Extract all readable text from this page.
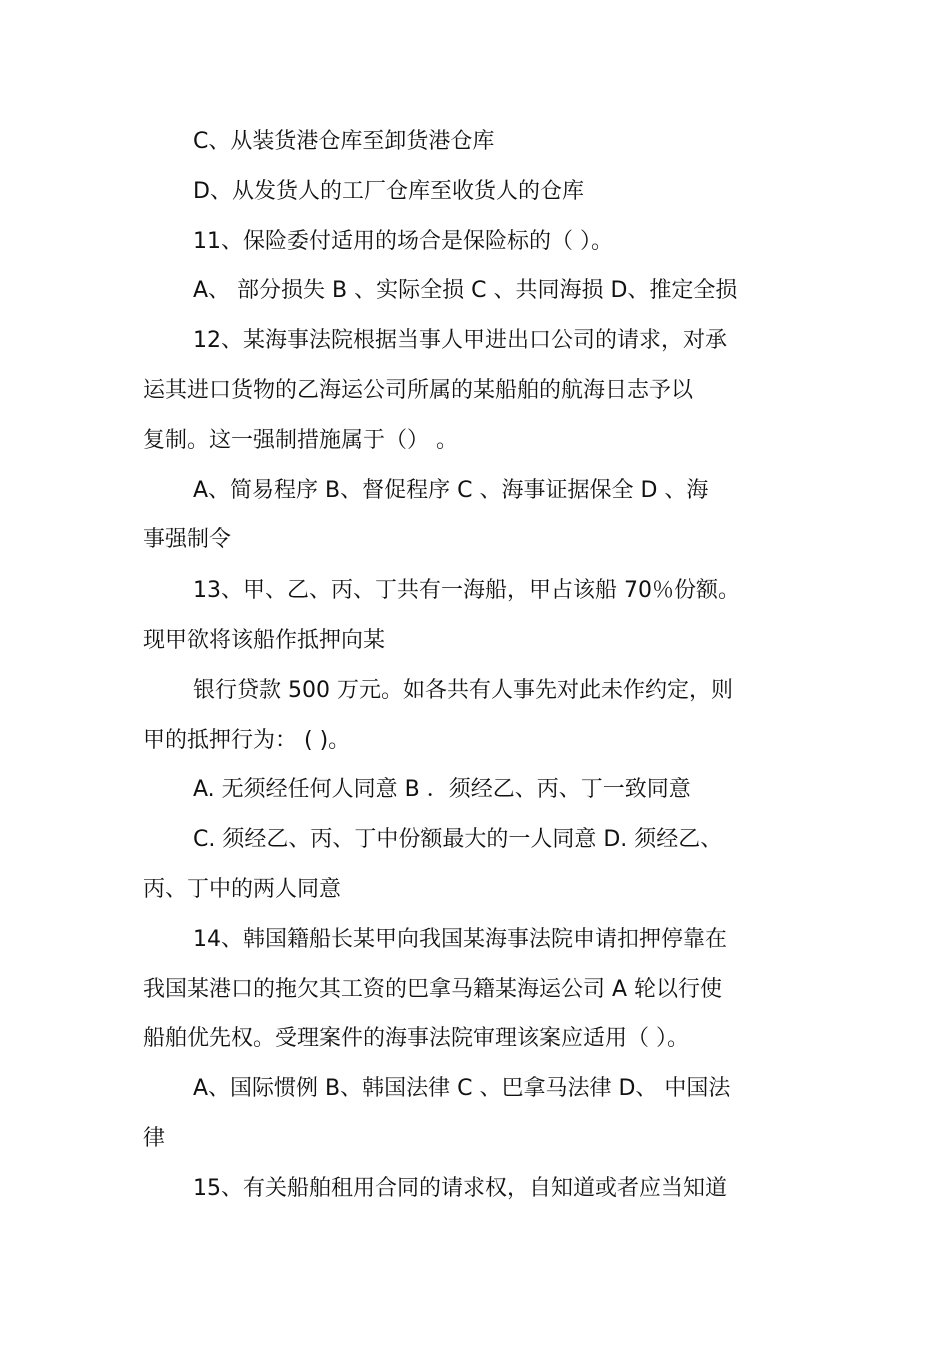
C、从装货港仓库至卸货港仓库
D、从发货人的工厂仓库至收货人的仓库
11、保险委付适用的场合是保险标的（ ）。
A、 部分损失 B 、实际全损 C 、共同海损 D、推定全损
12、某海事法院根据当事人甲进出口公司的请求，对承
运其进口货物的乙海运公司所属的某船舶的航海日志予以
复制。这一强制措施属于（） 。
A、简易程序 B、督促程序 C 、海事证据保全 D 、海
事强制令
13、甲、乙、丙、丁共有一海船，甲占该船 70％份额。
现甲欲将该船作抵押向某
银行贷款 500 万元。如各共有人事先对此未作约定，则
甲的抵押行为： ( )。
A. 无须经任何人同意 B ．须经乙、丙、丁一致同意
C. 须经乙、丙、丁中份额最大的一人同意 D. 须经乙、
丙、丁中的两人同意
14、韩国籍船长某甲向我国某海事法院申请扣押停靠在
我国某港口的拖欠其工资的巴拿马籍某海运公司 A 轮以行使
船舶优先权。受理案件的海事法院审理该案应适用（ ）。
A、国际惯例 B、韩国法律 C 、巴拿马法律 D、 中国法
律
15、有关船舶租用合同的请求权，自知道或者应当知道
